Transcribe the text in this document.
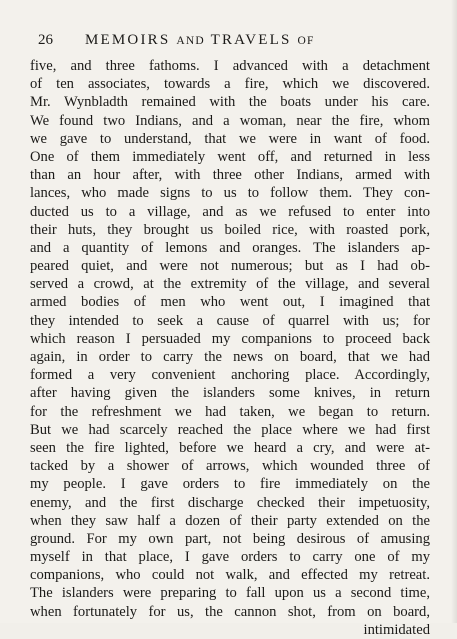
26 MEMOIRS AND TRAVELS OF
five, and three fathoms. I advanced with a detachment
of ten associates, towards a fire, which we discovered.
Mr. Wynbladth remained with the boats under his care.
We found two Indians, and a woman, near the fire, whom
we gave to understand, that we were in want of food.
One of them immediately went off, and returned in less
than an hour after, with three other Indians, armed with
lances, who made signs to us to follow them. They con-
ducted us to a village, and as we refused to enter into
their huts, they brought us boiled rice, with roasted pork,
and a quantity of lemons and oranges. The islanders ap-
peared quiet, and were not numerous; but as I had ob-
served a crowd, at the extremity of the village, and several
armed bodies of men who went out, I imagined that
they intended to seek a cause of quarrel with us; for
which reason I persuaded my companions to proceed back
again, in order to carry the news on board, that we had
formed a very convenient anchoring place. Accordingly,
after having given the islanders some knives, in return
for the refreshment we had taken, we began to return.
But we had scarcely reached the place where we had first
seen the fire lighted, before we heard a cry, and were at-
tacked by a shower of arrows, which wounded three of
my people. I gave orders to fire immediately on the
enemy, and the first discharge checked their impetuosity,
when they saw half a dozen of their party extended on the
ground. For my own part, not being desirous of amusing
myself in that place, I gave orders to carry one of my
companions, who could not walk, and effected my retreat.
The islanders were preparing to fall upon us a second time,
when fortunately for us, the cannon shot, from on board,
intimidated
